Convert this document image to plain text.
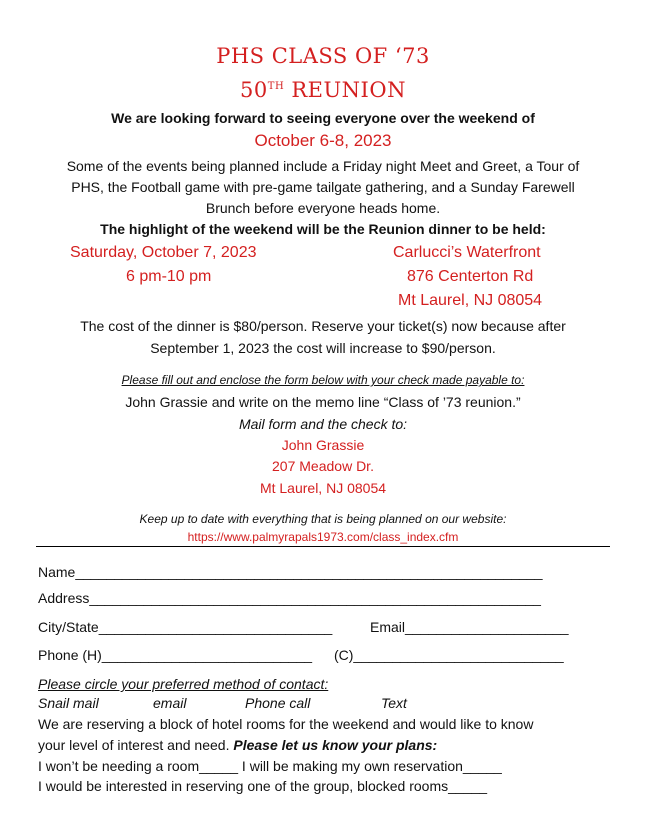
PHS CLASS OF ‘73
50TH REUNION
We are looking forward to seeing everyone over the weekend of
October 6-8, 2023
Some of the events being planned include a Friday night Meet and Greet, a Tour of
PHS, the Football game with pre-game tailgate gathering, and a Sunday Farewell
Brunch before everyone heads home.
The highlight of the weekend will be the Reunion dinner to be held:
Saturday, October 7, 2023
6 pm-10 pm
Carlucci’s Waterfront
876 Centerton Rd
Mt Laurel, NJ 08054
The cost of the dinner is $80/person. Reserve your ticket(s) now because after
September 1, 2023 the cost will increase to $90/person.
Please fill out and enclose the form below with your check made payable to:
John Grassie and write on the memo line “Class of ’73 reunion.”
Mail form and the check to:
John Grassie
207 Meadow Dr.
Mt Laurel, NJ 08054
Keep up to date with everything that is being planned on our website:
https://www.palmyrapals1973.com/class_index.cfm
Name____________________________________________________________
Address__________________________________________________________
City/State______________________________	Email_____________________
Phone (H)___________________________ (C)___________________________
Please circle your preferred method of contact:
Snail mail	email	Phone call	Text
We are reserving a block of hotel rooms for the weekend and would like to know
your level of interest and need. Please let us know your plans:
I won’t be needing a room_____ I will be making my own reservation_____
I would be interested in reserving one of the group, blocked rooms_____
